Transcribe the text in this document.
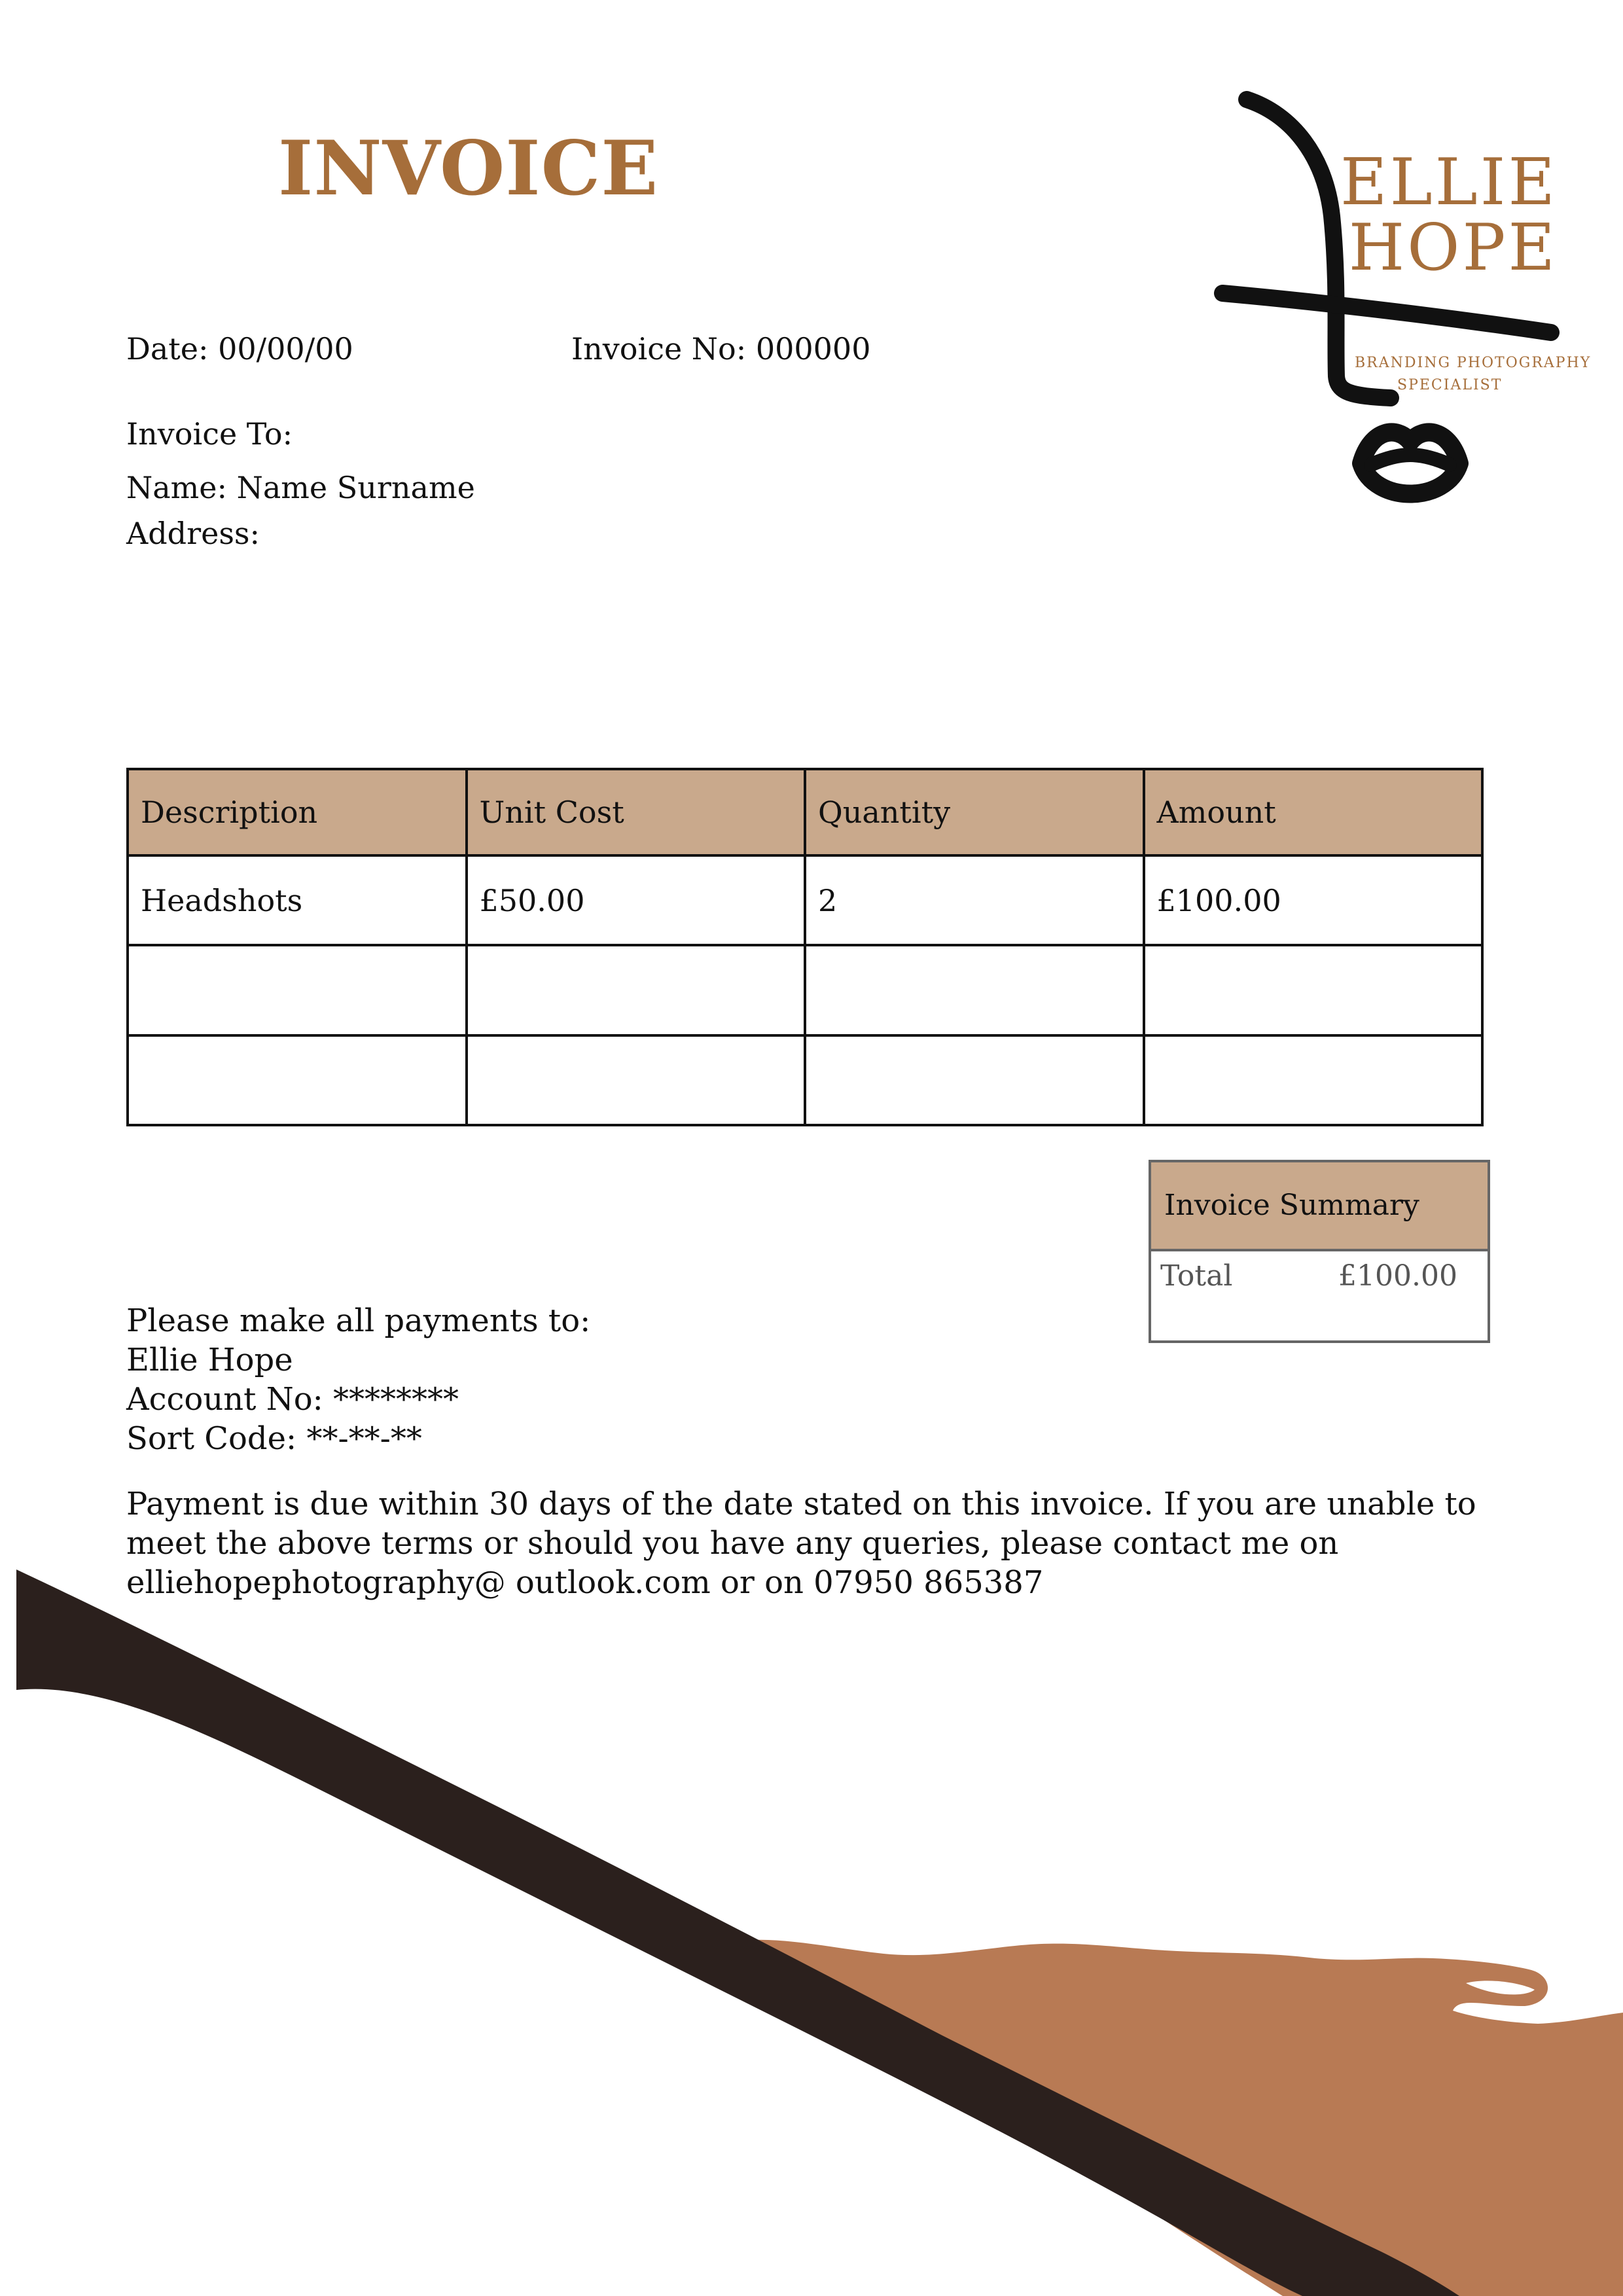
INVOICE	ELLIE
HOPE
BRANDING PHOTOGRAPHY
SPECIALIST
Date: 00/00/00	Invoice No: 000000
Invoice To:
Name: Name Surname
Address:
Description	Unit Cost	Quantity	Amount
Headshots	£50.00	2	£100.00

Invoice Summary
Total	£100.00
Please make all payments to:
Ellie Hope
Account No: ********
Sort Code: **-**-**
Payment is due within 30 days of the date stated on this invoice. If you are unable to meet the above terms or should you have any queries, please contact me on elliehopephotography@ outlook.com or on 07950 865387
